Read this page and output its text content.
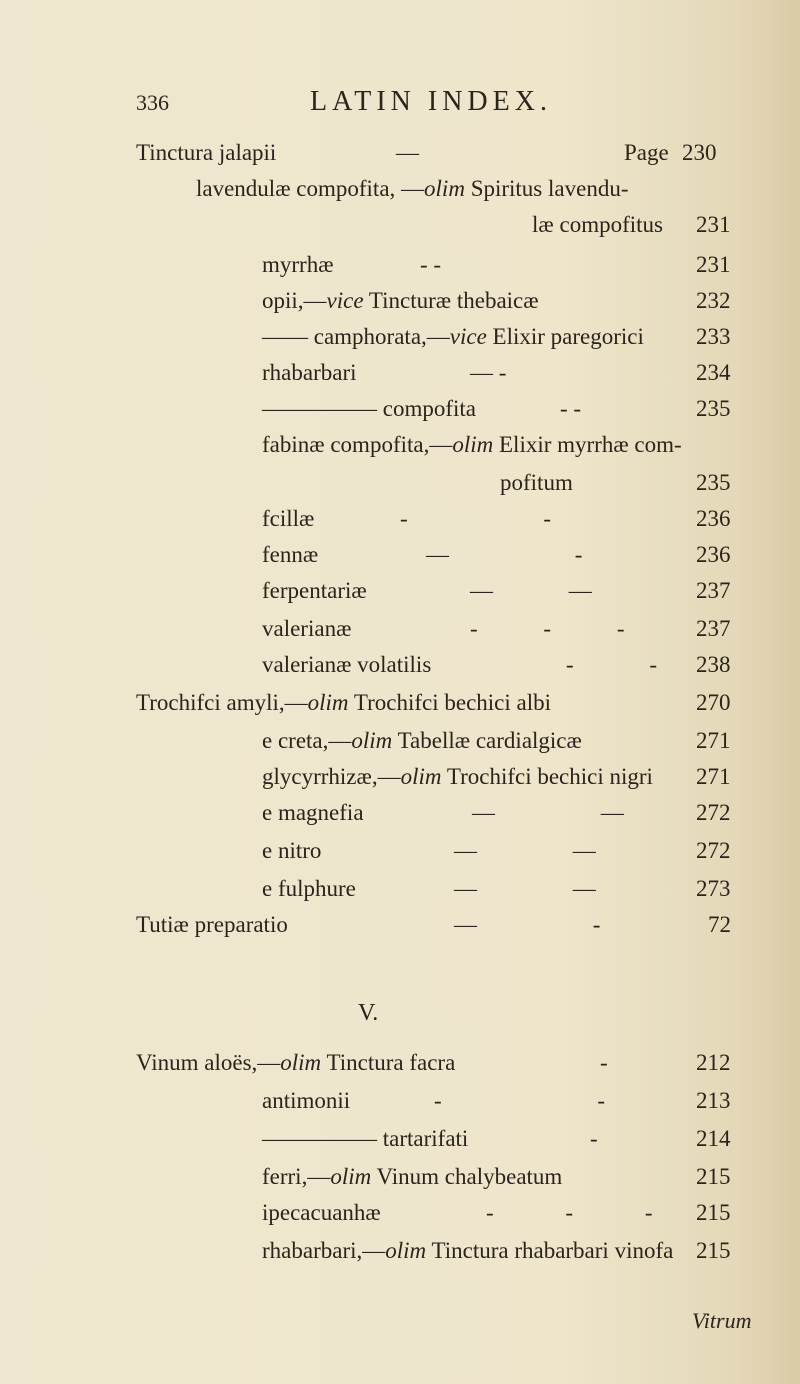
336	LATIN INDEX.
Tinctura jalapii	—	Page 230
lavendulæ compofita, —olim Spiritus lavendu-
læ compofitus 231
myrrhæ	- -	231
opii,—vice Tincturæ thebaicæ	232
—— camphorata,—vice Elixir paregorici 233
rhabarbari	— -	234
————— compofita	- -	235
fabinæ compofita,—olim Elixir myrrhæ com-
pofitum	235
fcillæ	- -	236
fennæ	— -	236
ferpentariæ	— —	237
valerianæ	- - -	237
valerianæ volatilis	- - 238
Trochifci amyli,—olim Trochifci bechici albi	270
e creta,—olim Tabellæ cardialgicæ	271
glycyrrhizæ,—olim Trochifci bechici nigri 271
e magnefia	— —	272
e nitro	— —	272
e fulphure	— —	273
Tutiæ preparatio	— -	72
V.
Vinum aloës,—olim Tinctura facra	-	212
antimonii	- -	213
————— tartarifati	-	214
ferri,—olim Vinum chalybeatum	215
ipecacuanhæ	- - - 215
rhabarbari,—olim Tinctura rhabarbari vinofa 215
Vitrum
